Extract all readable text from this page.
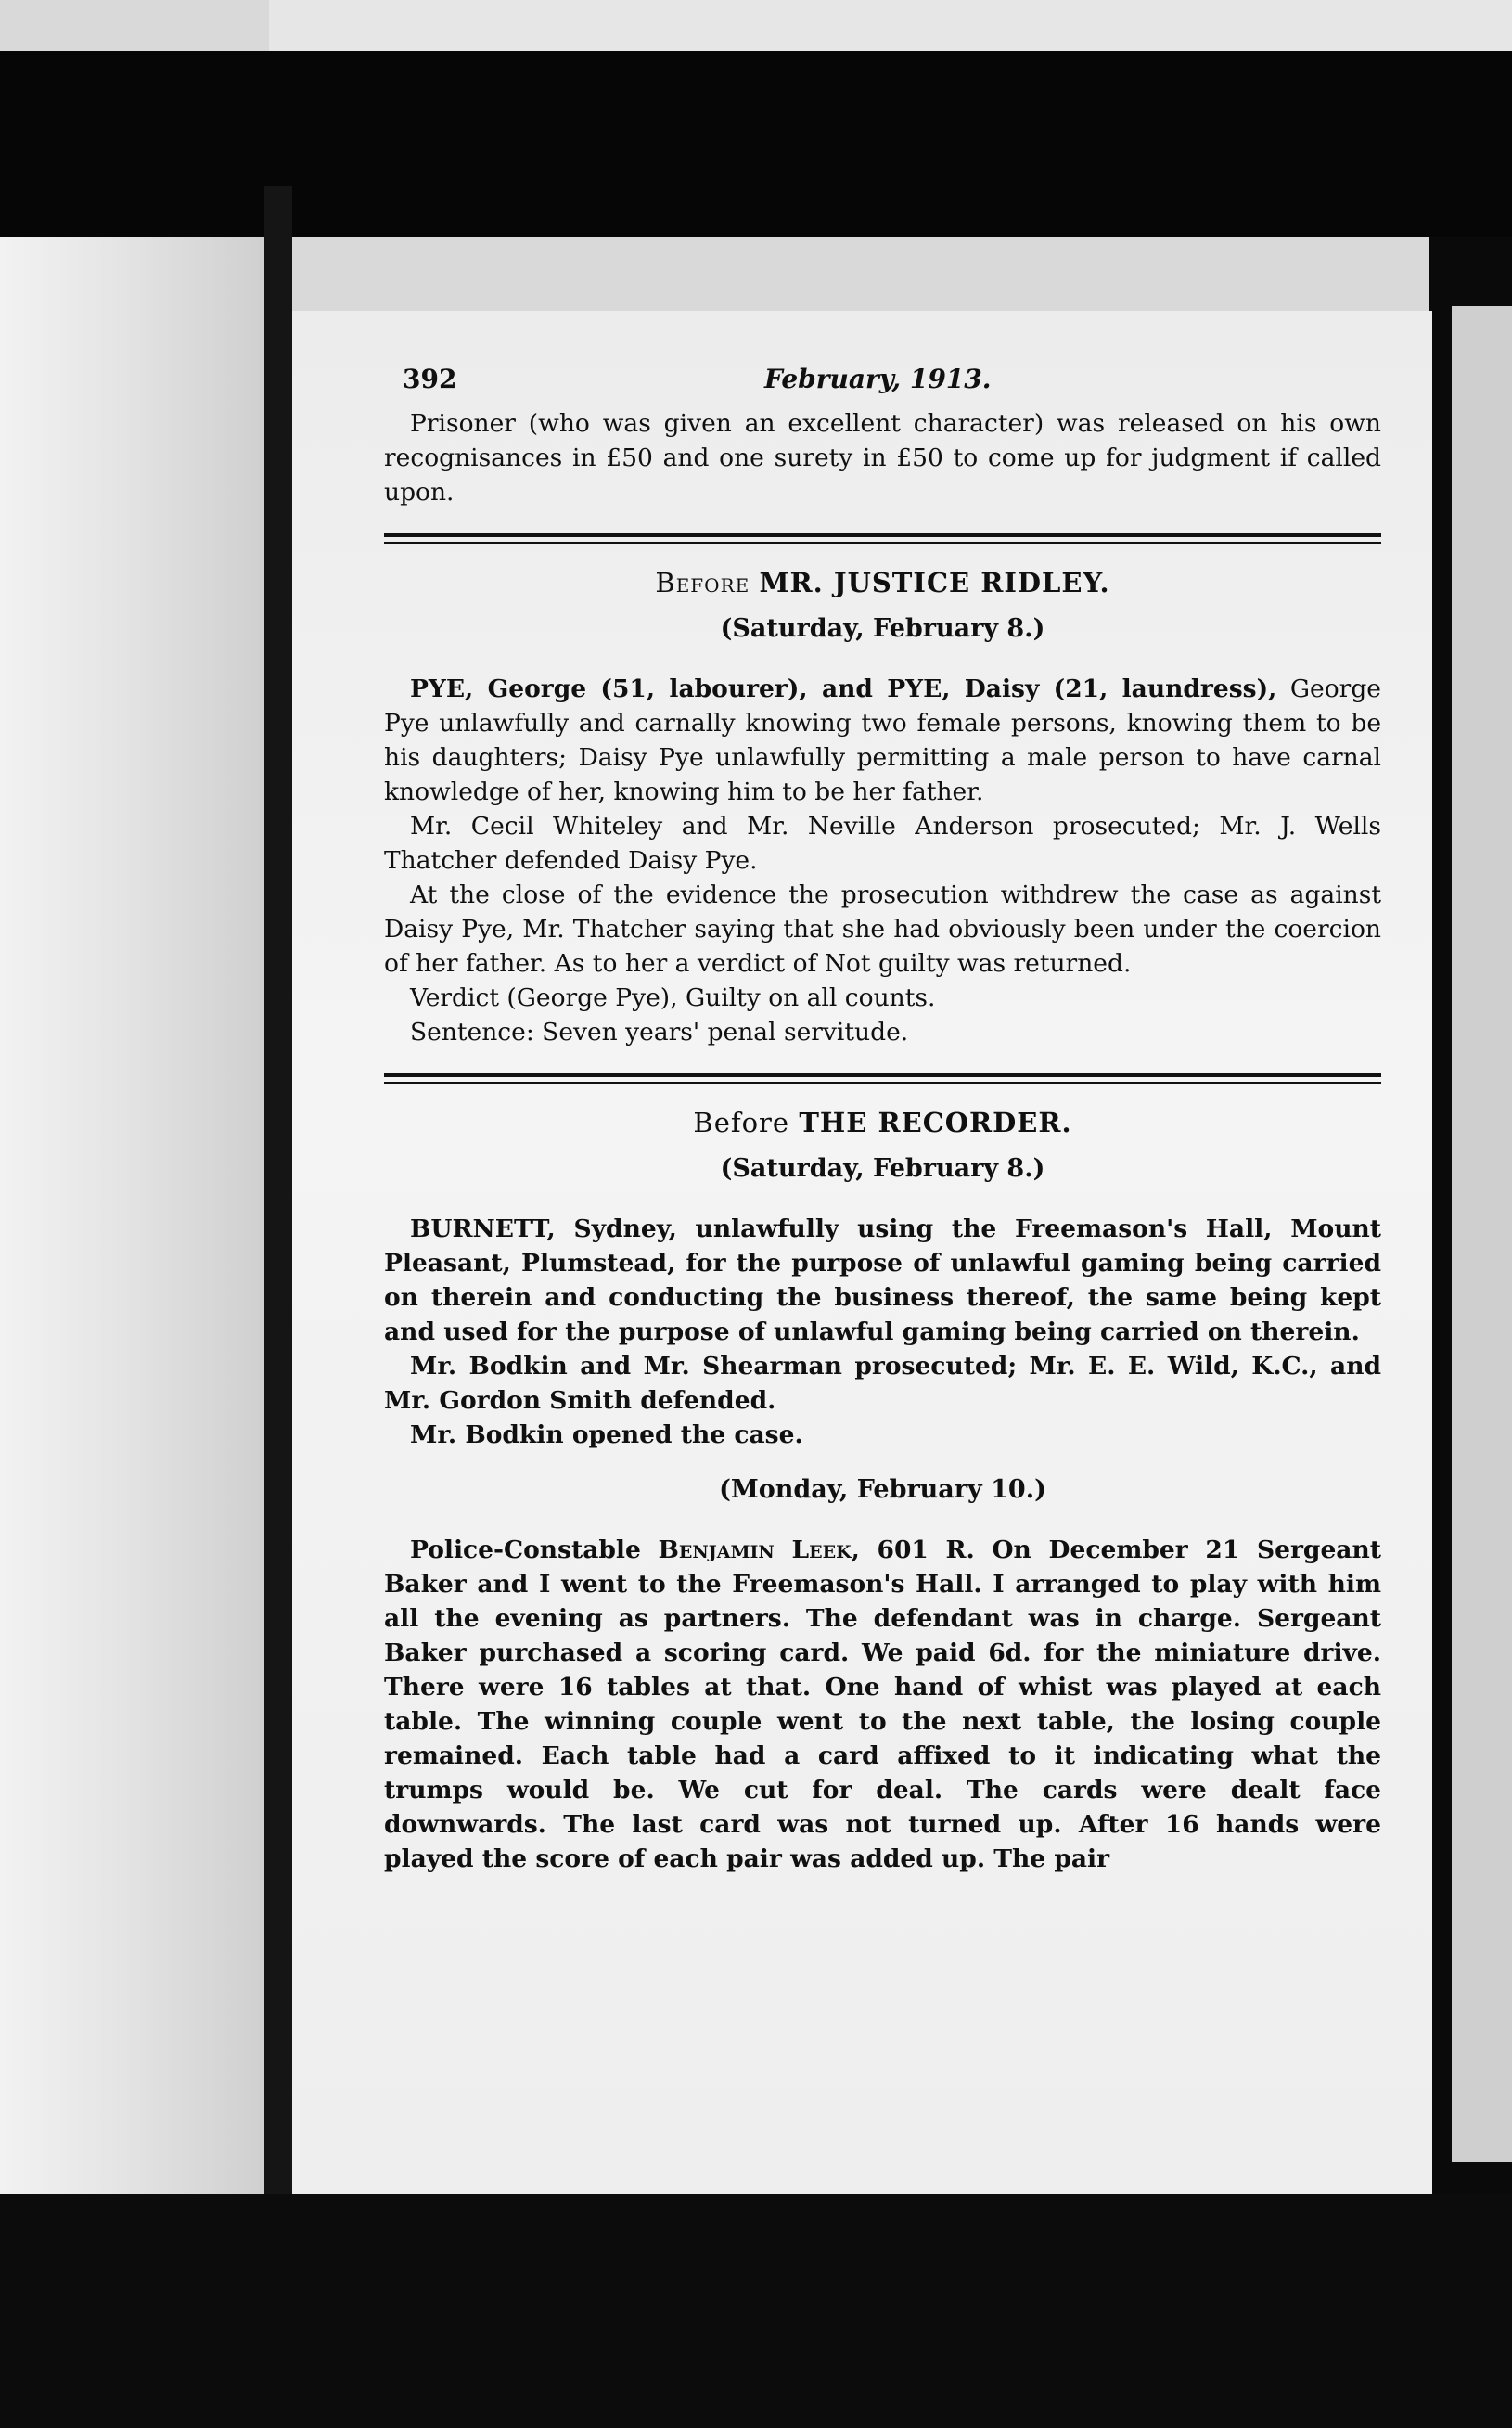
392	February, 1913.

Prisoner (who was given an excellent character) was released on his own recognisances in £50 and one surety in £50 to come up for judgment if called upon.

Before MR. JUSTICE RIDLEY.
(Saturday, February 8.)

PYE, George (51, labourer), and PYE, Daisy (21, laundress), George Pye unlawfully and carnally knowing two female persons, knowing them to be his daughters; Daisy Pye unlawfully permitting a male person to have carnal knowledge of her, knowing him to be her father.

Mr. Cecil Whiteley and Mr. Neville Anderson prosecuted; Mr. J. Wells Thatcher defended Daisy Pye.

At the close of the evidence the prosecution withdrew the case as against Daisy Pye, Mr. Thatcher saying that she had obviously been under the coercion of her father. As to her a verdict of Not guilty was returned.

Verdict (George Pye), Guilty on all counts.

Sentence: Seven years' penal servitude.

Before THE RECORDER.
(Saturday, February 8.)

BURNETT, Sydney, unlawfully using the Freemason's Hall, Mount Pleasant, Plumstead, for the purpose of unlawful gaming being carried on therein and conducting the business thereof, the same being kept and used for the purpose of unlawful gaming being carried on therein.

Mr. Bodkin and Mr. Shearman prosecuted; Mr. E. E. Wild, K.C., and Mr. Gordon Smith defended.

Mr. Bodkin opened the case.

(Monday, February 10.)

Police-Constable Benjamin Leek, 601 R. On December 21 Sergeant Baker and I went to the Freemason's Hall. I arranged to play with him all the evening as partners. The defendant was in charge. Sergeant Baker purchased a scoring card. We paid 6d. for the miniature drive. There were 16 tables at that. One hand of whist was played at each table. The winning couple went to the next table, the losing couple remained. Each table had a card affixed to it indicating what the trumps would be. We cut for deal. The cards were dealt face downwards. The last card was not turned up. After 16 hands were played the score of each pair was added up. The pair
